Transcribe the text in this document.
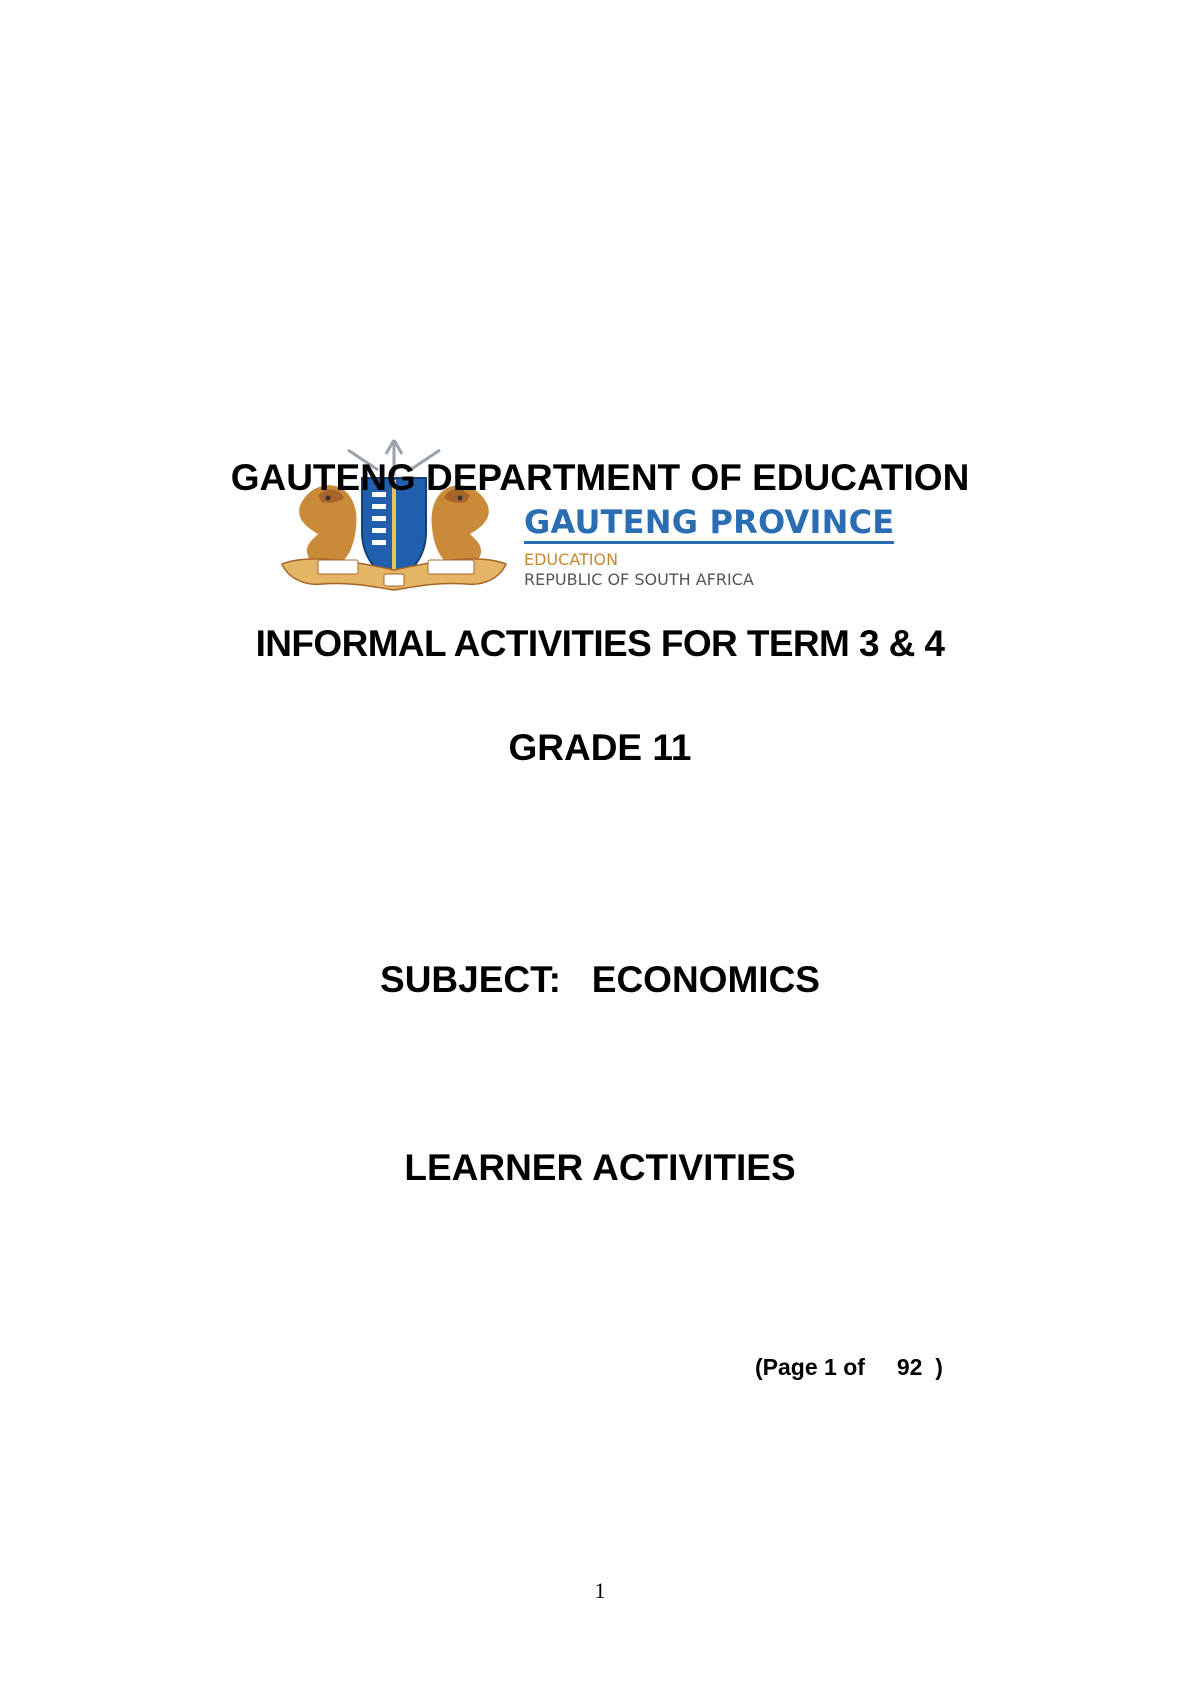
GAUTENG PROVINCE
EDUCATION
REPUBLIC OF SOUTH AFRICA
GAUTENG DEPARTMENT OF EDUCATION
INFORMAL ACTIVITIES FOR TERM 3 & 4
GRADE 11
SUBJECT:   ECONOMICS
LEARNER ACTIVITIES
(Page 1 of     92  )
1
